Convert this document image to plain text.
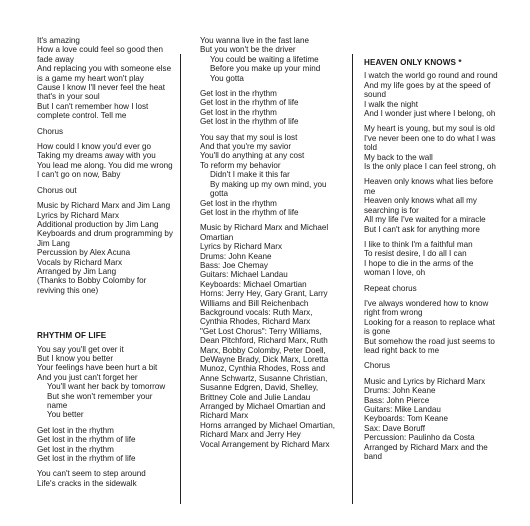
It's amazing
How a love could feel so good then
fade away
And replacing you with someone else
is a game my heart won't play
Cause I know I'll never feel the heat
that's in your soul
But I can't remember how I lost
complete control. Tell me
Chorus
How could I know you'd ever go
Taking my dreams away with you
You lead me along. You did me wrong
I can't go on now, Baby
Chorus out
Music by Richard Marx and Jim Lang
Lyrics by Richard Marx
Additional production by Jim Lang
Keyboards and drum programming by
Jim Lang
Percussion by Alex Acuna
Vocals by Richard Marx
Arranged by Jim Lang
(Thanks to Bobby Colomby for
reviving this one)
RHYTHM OF LIFE
You say you'll get over it
But I know you better
Your feelings have been hurt a bit
And you just can't forget her
You'll want her back by tomorrow
But she won't remember your
name
You better
Get lost in the rhythm
Get lost in the rhythm of life
Get lost in the rhythm
Get lost in the rhythm of life
You can't seem to step around
Life's cracks in the sidewalk
You wanna live in the fast lane
But you won't be the driver
You could be waiting a lifetime
Before you make up your mind
You gotta
Get lost in the rhythm
Get lost in the rhythm of life
Get lost in the rhythm
Get lost in the rhythm of life
You say that my soul is lost
And that you're my savior
You'll do anything at any cost
To reform my behavior
Didn't I make it this far
By making up my own mind, you
gotta
Get lost in the rhythm
Get lost in the rhythm of life
Music by Richard Marx and Michael
Omartian
Lyrics by Richard Marx
Drums: John Keane
Bass: Joe Chemay
Guitars: Michael Landau
Keyboards: Michael Omartian
Horns: Jerry Hey, Gary Grant, Larry
Williams and Bill Reichenbach
Background vocals: Ruth Marx,
Cynthia Rhodes, Richard Marx
"Get Lost Chorus": Terry Williams,
Dean Pitchford, Richard Marx, Ruth
Marx, Bobby Colomby, Peter Doell,
DeWayne Brady, Dick Marx, Loretta
Munoz, Cynthia Rhodes, Ross and
Anne Schwartz, Susanne Christian,
Susanne Edgren, David, Shelley,
Brittney Cole and Julie Landau
Arranged by Michael Omartian and
Richard Marx
Horns arranged by Michael Omartian,
Richard Marx and Jerry Hey
Vocal Arrangement by Richard Marx
HEAVEN ONLY KNOWS *
I watch the world go round and round
And my life goes by at the speed of
sound
I walk the night
And I wonder just where I belong, oh
My heart is young, but my soul is old
I've never been one to do what I was
told
My back to the wall
Is the only place I can feel strong, oh
Heaven only knows what lies before
me
Heaven only knows what all my
searching is for
All my life I've waited for a miracle
But I can't ask for anything more
I like to think I'm a faithful man
To resist desire, I do all I can
I hope to die in the arms of the
woman I love, oh
Repeat chorus
I've always wondered how to know
right from wrong
Looking for a reason to replace what
is gone
But somehow the road just seems to
lead right back to me
Chorus
Music and Lyrics by Richard Marx
Drums: John Keane
Bass: John Pierce
Guitars: Mike Landau
Keyboards: Tom Keane
Sax: Dave Boruff
Percussion: Paulinho da Costa
Arranged by Richard Marx and the
band
